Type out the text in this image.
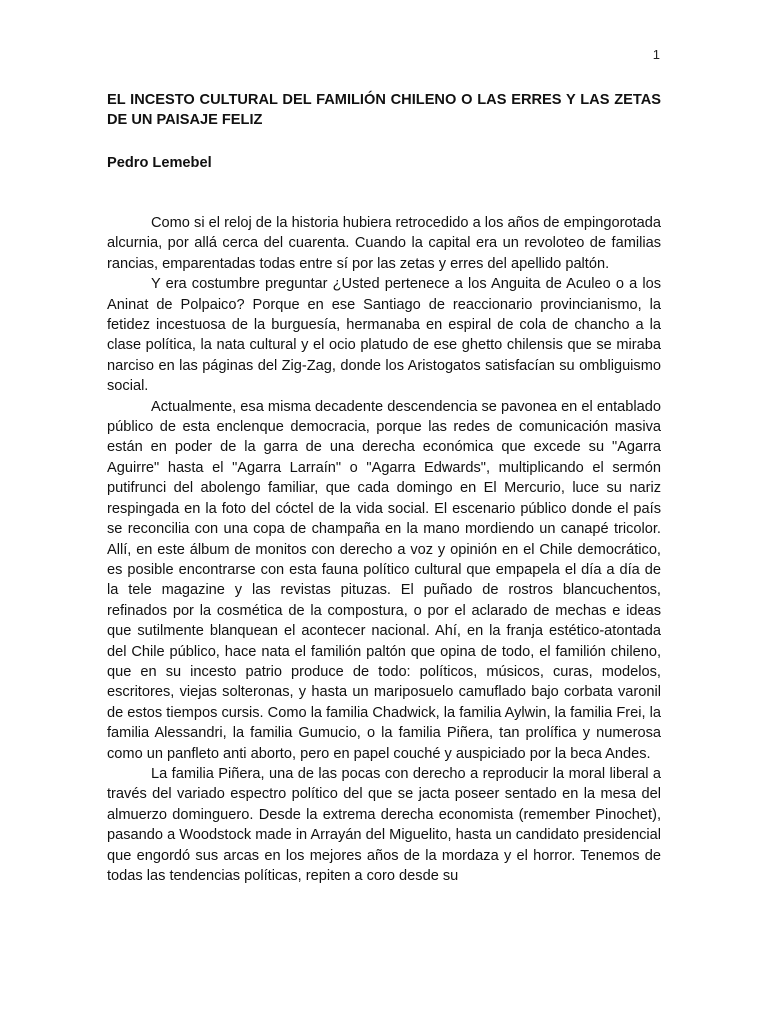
1
EL INCESTO CULTURAL DEL FAMILIÓN CHILENO O LAS ERRES Y LAS ZETAS DE UN PAISAJE FELIZ
Pedro Lemebel

Como si el reloj de la historia hubiera retrocedido a los años de empingorotada alcurnia, por allá cerca del cuarenta. Cuando la capital era un revoloteo de familias rancias, emparentadas todas entre sí por las zetas y erres del apellido paltón.

Y era costumbre preguntar ¿Usted pertenece a los Anguita de Aculeo o a los Aninat de Polpaico? Porque en ese Santiago de reaccionario provincianismo, la fetidez incestuosa de la burguesía, hermanaba en espiral de cola de chancho a la clase política, la nata cultural y el ocio platudo de ese ghetto chilensis que se miraba narciso en las páginas del Zig-Zag, donde los Aristogatos satisfacían su ombliguismo social.

Actualmente, esa misma decadente descendencia se pavonea en el entablado público de esta enclenque democracia, porque las redes de comunicación masiva están en poder de la garra de una derecha económica que excede su "Agarra Aguirre" hasta el "Agarra Larraín" o "Agarra Edwards", multiplicando el sermón putifrunci del abolengo familiar, que cada domingo en El Mercurio, luce su nariz respingada en la foto del cóctel de la vida social. El escenario público donde el país se reconcilia con una copa de champaña en la mano mordiendo un canapé tricolor. Allí, en este álbum de monitos con derecho a voz y opinión en el Chile democrático, es posible encontrarse con esta fauna político cultural que empapela el día a día de la tele magazine y las revistas pituzas. El puñado de rostros blancuchentos, refinados por la cosmética de la compostura, o por el aclarado de mechas e ideas que sutilmente blanquean el acontecer nacional. Ahí, en la franja estético-atontada del Chile público, hace nata el familión paltón que opina de todo, el familión chileno, que en su incesto patrio produce de todo: políticos, músicos, curas, modelos, escritores, viejas solteronas, y hasta un mariposuelo camuflado bajo corbata varonil de estos tiempos cursis. Como la familia Chadwick, la familia Aylwin, la familia Frei, la familia Alessandri, la familia Gumucio, o la familia Piñera, tan prolífica y numerosa como un panfleto anti aborto, pero en papel couché y auspiciado por la beca Andes.

La familia Piñera, una de las pocas con derecho a reproducir la moral liberal a través del variado espectro político del que se jacta poseer sentado en la mesa del almuerzo dominguero. Desde la extrema derecha economista (remember Pinochet), pasando a Woodstock made in Arrayán del Miguelito, hasta un candidato presidencial que engordó sus arcas en los mejores años de la mordaza y el horror. Tenemos de todas las tendencias políticas, repiten a coro desde su
